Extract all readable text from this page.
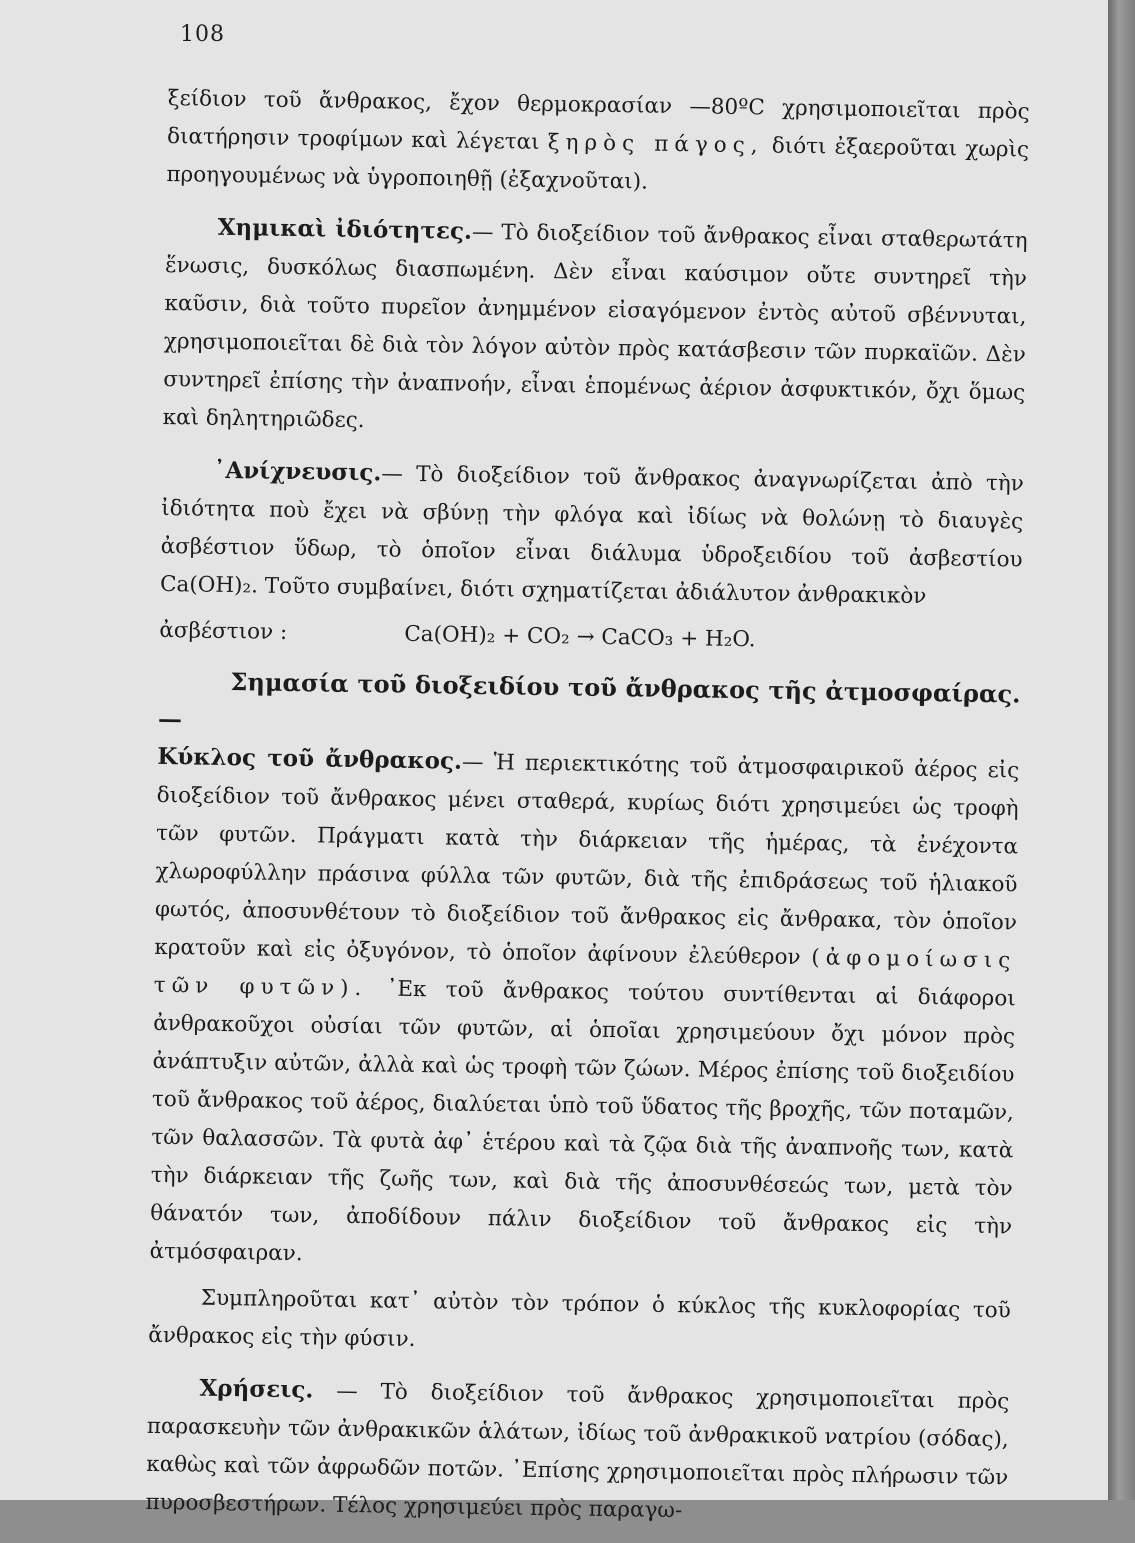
108

ξείδιον τοῦ ἄνθρακος, ἔχον θερμοκρασίαν —80ºC χρησιμοποιεῖται πρὸς διατήρησιν τροφίμων καὶ λέγεται ξηρὸς πάγος, διότι ἐξαεροῦται χωρὶς προηγουμένως νὰ ὑγροποιηθῇ (ἐξαχνοῦται).

Χημικαὶ ἰδιότητες.— Τὸ διοξείδιον τοῦ ἄνθρακος εἶναι σταθερωτάτη ἕνωσις, δυσκόλως διασπωμένη. Δὲν εἶναι καύσιμον οὔτε συντηρεῖ τὴν καῦσιν, διὰ τοῦτο πυρεῖον ἀνημμένον εἰσαγόμενον ἐντὸς αὐτοῦ σβέννυται, χρησιμοποιεῖται δὲ διὰ τὸν λόγον αὐτὸν πρὸς κατάσβεσιν τῶν πυρκαϊῶν. Δὲν συντηρεῖ ἐπίσης τὴν ἀναπνοήν, εἶναι ἑπομένως ἀέριον ἀσφυκτικόν, ὄχι ὅμως καὶ δηλητηριῶδες.

᾿Ανίχνευσις.— Τὸ διοξείδιον τοῦ ἄνθρακος ἀναγνωρίζεται ἀπὸ τὴν ἰδιότητα ποὺ ἔχει νὰ σβύνῃ τὴν φλόγα καὶ ἰδίως νὰ θολώνῃ τὸ διαυγὲς ἀσβέστιον ὕδωρ, τὸ ὁποῖον εἶναι διάλυμα ὑδροξειδίου τοῦ ἀσβεστίου Ca(OH)₂. Τοῦτο συμβαίνει, διότι σχηματίζεται ἀδιάλυτον ἀνθρακικὸν

ἀσβέστιον :	Ca(OH)₂ + CO₂ → CaCO₃ + H₂O.
Σημασία τοῦ διοξειδίου τοῦ ἄνθρακος τῆς ἀτμοσφαίρας.—

Κύκλος τοῦ ἄνθρακος.— Ἡ περιεκτικότης τοῦ ἀτμοσφαιρικοῦ ἀέρος εἰς διοξείδιον τοῦ ἄνθρακος μένει σταθερά, κυρίως διότι χρησιμεύει ὡς τροφὴ τῶν φυτῶν. Πράγματι κατὰ τὴν διάρκειαν τῆς ἡμέρας, τὰ ἐνέχοντα χλωροφύλλην πράσινα φύλλα τῶν φυτῶν, διὰ τῆς ἐπιδράσεως τοῦ ἡλιακοῦ φωτός, ἀποσυνθέτουν τὸ διοξείδιον τοῦ ἄνθρακος εἰς ἄνθρακα, τὸν ὁποῖον κρατοῦν καὶ εἰς ὀξυγόνον, τὸ ὁποῖον ἀφίνουν ἐλεύθερον (ἀφομοίωσις τῶν φυτῶν). ᾿Εκ τοῦ ἄνθρακος τούτου συντίθενται αἱ διάφοροι ἀνθρακοῦχοι οὐσίαι τῶν φυτῶν, αἱ ὁποῖαι χρησιμεύουν ὄχι μόνον πρὸς ἀνάπτυξιν αὐτῶν, ἀλλὰ καὶ ὡς τροφὴ τῶν ζώων. Μέρος ἐπίσης τοῦ διοξειδίου τοῦ ἄνθρακος τοῦ ἀέρος, διαλύεται ὑπὸ τοῦ ὕδατος τῆς βροχῆς, τῶν ποταμῶν, τῶν θαλασσῶν. Τὰ φυτὰ ἀφ᾿ ἑτέρου καὶ τὰ ζῷα διὰ τῆς ἀναπνοῆς των, κατὰ τὴν διάρκειαν τῆς ζωῆς των, καὶ διὰ τῆς ἀποσυνθέσεώς των, μετὰ τὸν θάνατόν των, ἀποδίδουν πάλιν διοξείδιον τοῦ ἄνθρακος εἰς τὴν ἀτμόσφαιραν.

Συμπληροῦται κατ᾿ αὐτὸν τὸν τρόπον ὁ κύκλος τῆς κυκλοφορίας τοῦ ἄνθρακος εἰς τὴν φύσιν.

Χρήσεις. — Τὸ διοξείδιον τοῦ ἄνθρακος χρησιμοποιεῖται πρὸς παρασκευὴν τῶν ἀνθρακικῶν ἁλάτων, ἰδίως τοῦ ἀνθρακικοῦ νατρίου (σόδας), καθὼς καὶ τῶν ἀφρωδῶν ποτῶν. ᾿Επίσης χρησιμοποιεῖται πρὸς πλήρωσιν τῶν πυροσβεστήρων. Τέλος χρησιμεύει πρὸς παραγω-
